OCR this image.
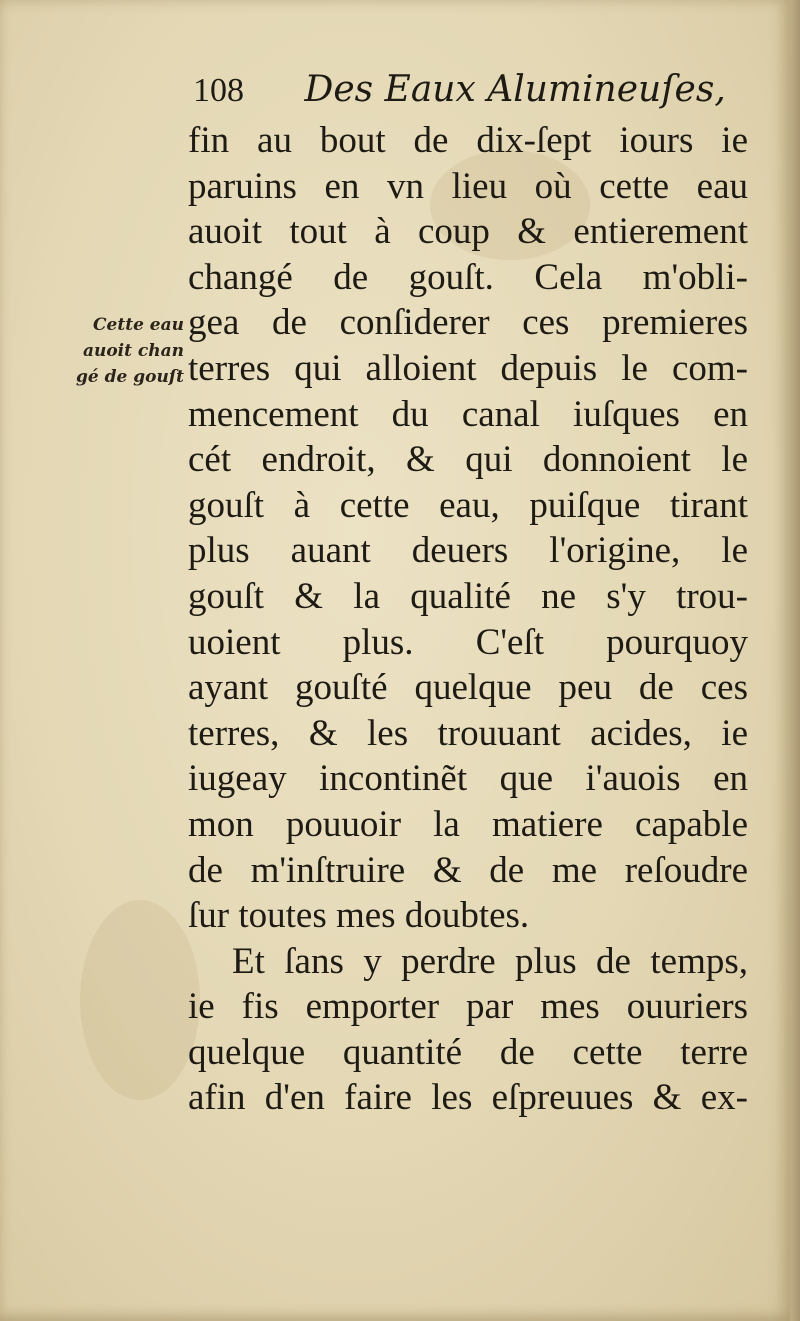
108 Des Eaux Alumineuſes,
Cette eau
auoit chan
gé de gouſt
fin au bout de dix-ſept iours ie
paruins en vn lieu où cette eau
auoit tout à coup & entierement
changé de gouſt. Cela m'obli-
gea de conſiderer ces premieres
terres qui alloient depuis le com-
mencement du canal iuſques en
cét endroit, & qui donnoient le
gouſt à cette eau, puiſque tirant
plus auant deuers l'origine, le
gouſt & la qualité ne s'y trou-
uoient plus. C'eſt pourquoy
ayant gouſté quelque peu de ces
terres, & les trouuant acides, ie
iugeay incontinẽt que i'auois en
mon pouuoir la matiere capable
de m'inſtruire & de me reſoudre
ſur toutes mes doubtes.
Et ſans y perdre plus de temps,
ie fis emporter par mes ouuriers
quelque quantité de cette terre
afin d'en faire les eſpreuues & ex-
